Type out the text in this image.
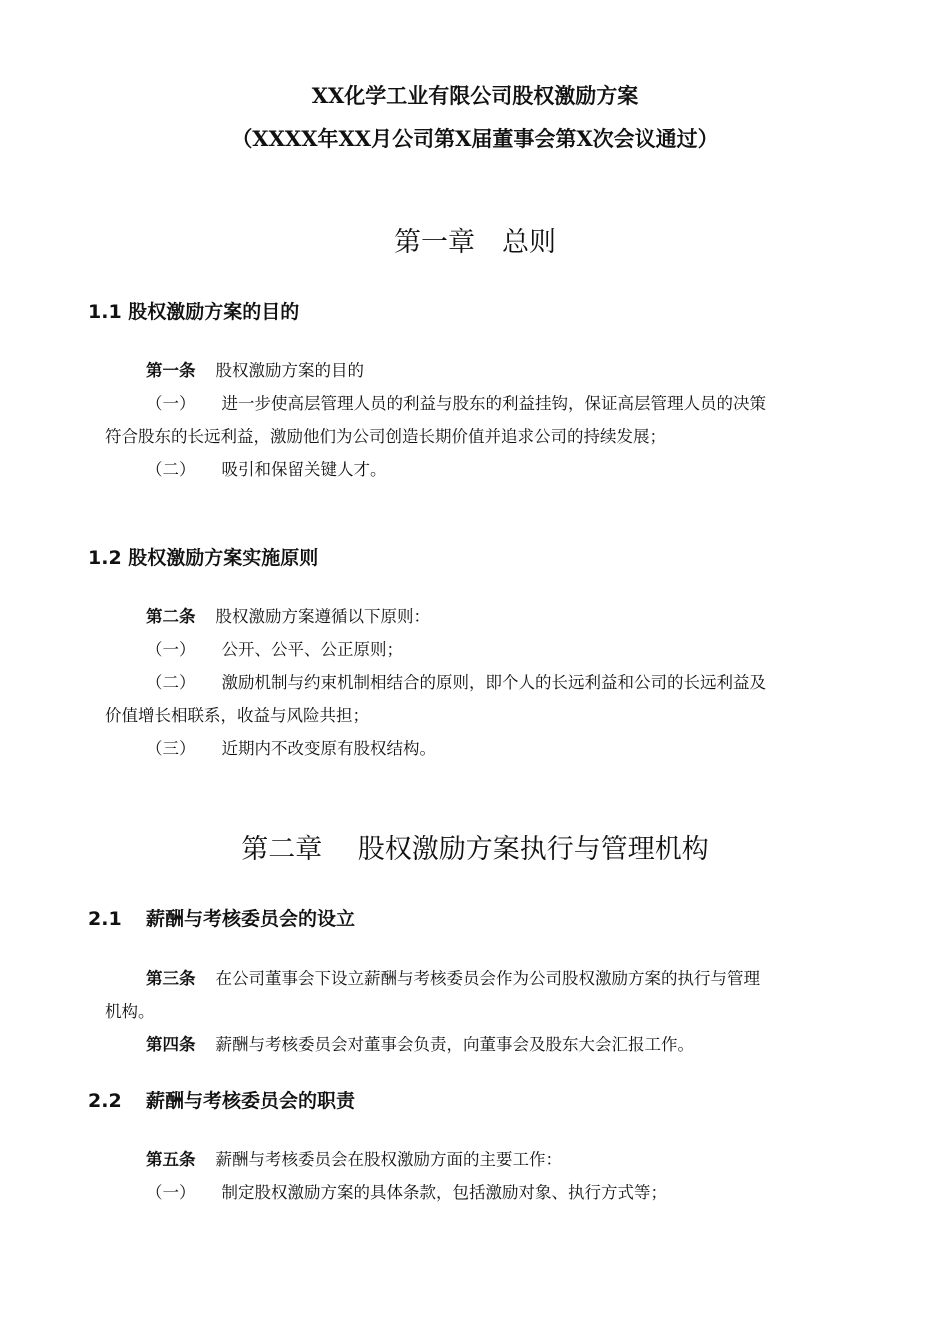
XX化学工业有限公司股权激励方案
（XXXX年XX月公司第X届董事会第X次会议通过）
第一章　总则
1.1 股权激励方案的目的
第一条 股权激励方案的目的
（一） 进一步使高层管理人员的利益与股东的利益挂钩，保证高层管理人员的决策
符合股东的长远利益，激励他们为公司创造长期价值并追求公司的持续发展；
（二） 吸引和保留关键人才。
1.2 股权激励方案实施原则
第二条 股权激励方案遵循以下原则：
（一） 公开、公平、公正原则；
（二） 激励机制与约束机制相结合的原则，即个人的长远利益和公司的长远利益及
价值增长相联系，收益与风险共担；
（三） 近期内不改变原有股权结构。
第二章　 股权激励方案执行与管理机构
2.1 薪酬与考核委员会的设立
第三条 在公司董事会下设立薪酬与考核委员会作为公司股权激励方案的执行与管理
机构。
第四条 薪酬与考核委员会对董事会负责，向董事会及股东大会汇报工作。
2.2 薪酬与考核委员会的职责
第五条 薪酬与考核委员会在股权激励方面的主要工作：
（一） 制定股权激励方案的具体条款，包括激励对象、执行方式等；
